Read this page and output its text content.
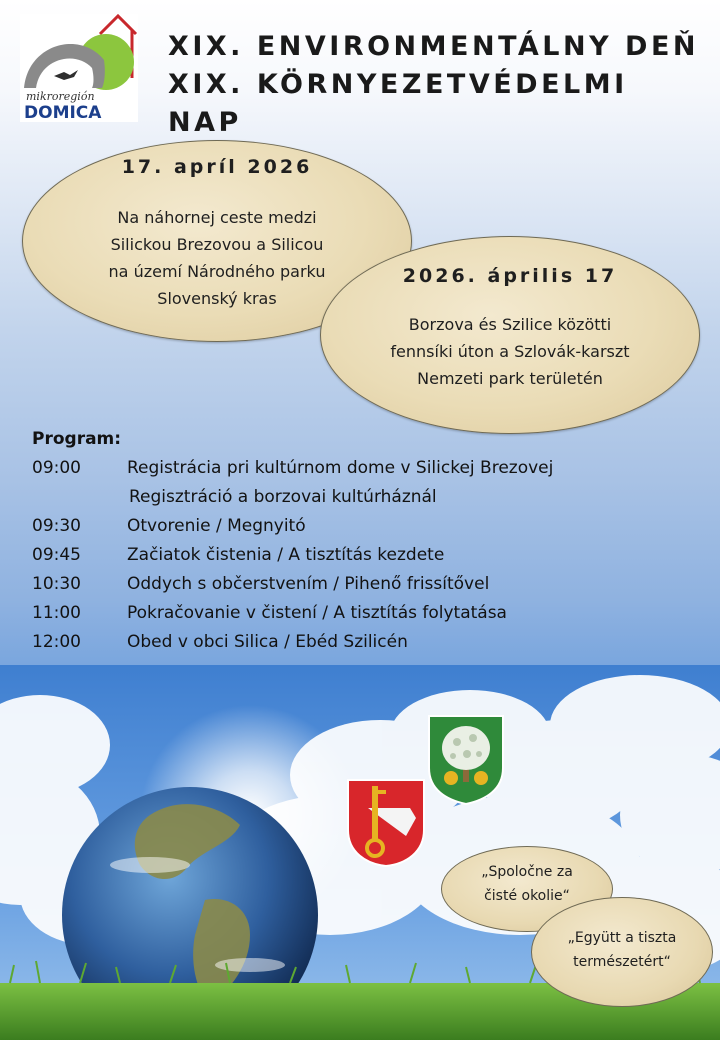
mikroregión
DOMICA
XIX. ENVIRONMENTÁLNY DEŇ
XIX. KÖRNYEZETVÉDELMI NAP
17. apríl 2026
Na náhornej ceste medzi
Silickou Brezovou a Silicou
na území Národného parku
Slovenský kras
2026. április 17
Borzova és Szilice közötti
fennsíki úton a Szlovák-karszt
Nemzeti park területén
Program:
09:00	Registrácia pri kultúrnom dome v Silickej Brezovej
Regisztráció a borzovai kultúrháznál
09:30	Otvorenie / Megnyitó
09:45	Začiatok čistenia / A tisztítás kezdete
10:30	Oddych s občerstvením / Pihenő frissítővel
11:00	Pokračovanie v čistení / A tisztítás folytatása
12:00	Obed v obci Silica / Ebéd Szilicén
„Spoločne za
čisté okolie“
„Együtt a tiszta
természetért“
